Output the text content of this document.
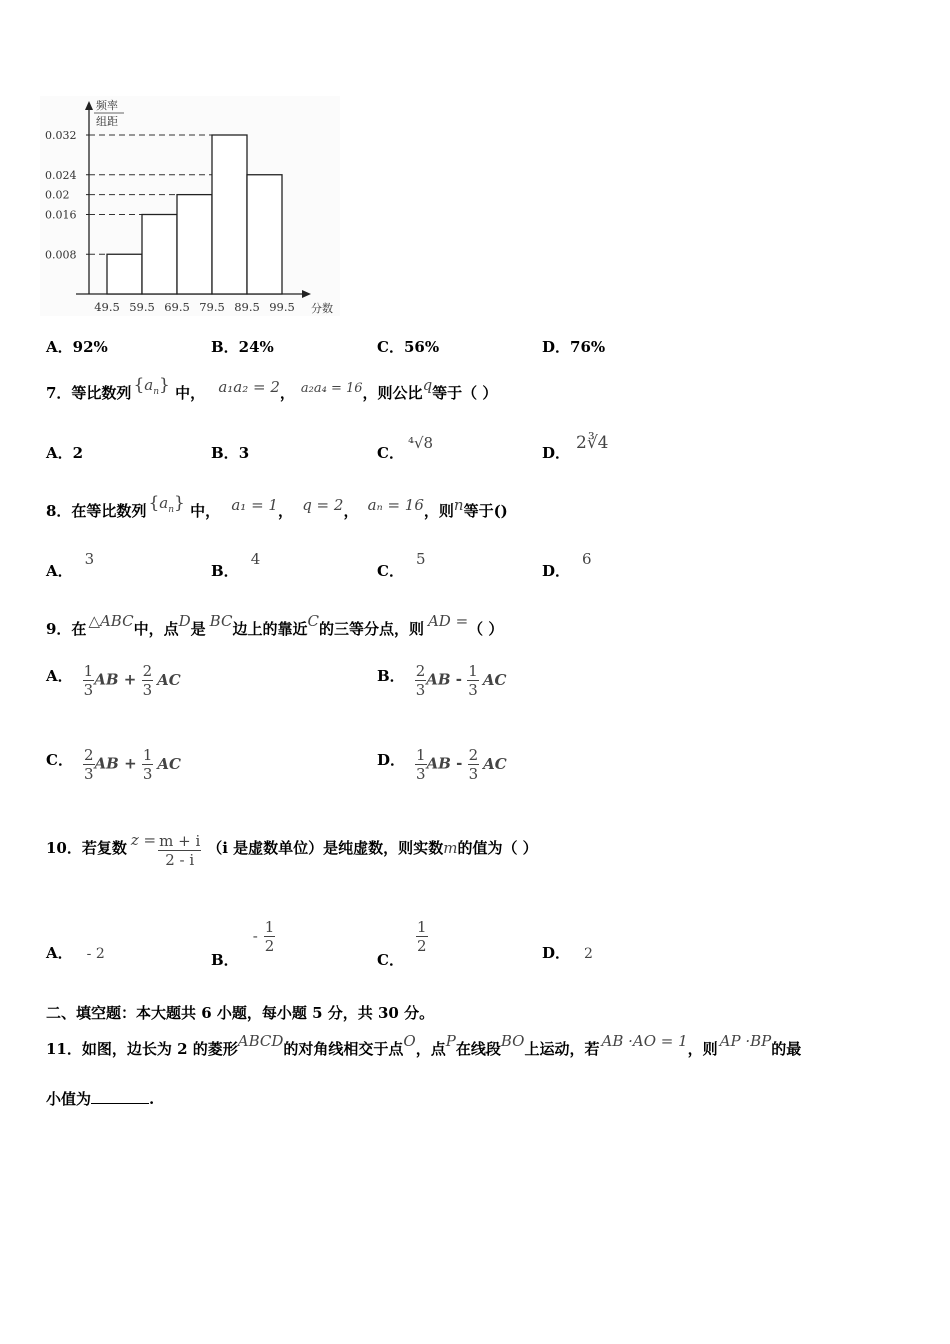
频率
组距
0.008
0.016
0.02
0.024
0.032
49.5 59.5 69.5 79.5 89.5 99.5 分数
A．92%	B．24%	C．56%	D．76%
7．等比数列 $\{a_n\}$ 中， a₁a₂ = 2， a₂a₄ = 16，则公比q等于（ ）
A．2	B．3	C．⁴√8
D． 2∛4
8．在等比数列 $\{a_n\}$ 中， a₁ = 1， q = 2， aₙ = 16，则n等于()
A．3
B．4
C．5
D．6
9．在 △ABC中，点D是 BC边上的靠近C的三等分点，则 AD =（ ）
A． $\frac{1}{3}$ AB + $\frac{2}{3}$ AC	B． $\frac{2}{3}$ AB - $\frac{1}{3}$ AC
C． $\frac{2}{3}$ AB + $\frac{1}{3}$ AC	D． $\frac{1}{3}$ AB - $\frac{2}{3}$ AC
10．若复数 $z = \frac{m + i}{2 - i} (i$ 是虚数单位）是纯虚数，则实数m的值为（ ）
A． - 2	B．- $\frac{1}{2}$
C．
$\frac{1}{2}$	D． 2
二、填空题：本大题共 6 小题，每小题 5 分，共 30 分。
11．如图，边长为 2 的菱形ABCD的对角线相交于点O，点P在线段BO上运动，若 AB ·AO = 1，则 AP ·BP的最
小值为	.
